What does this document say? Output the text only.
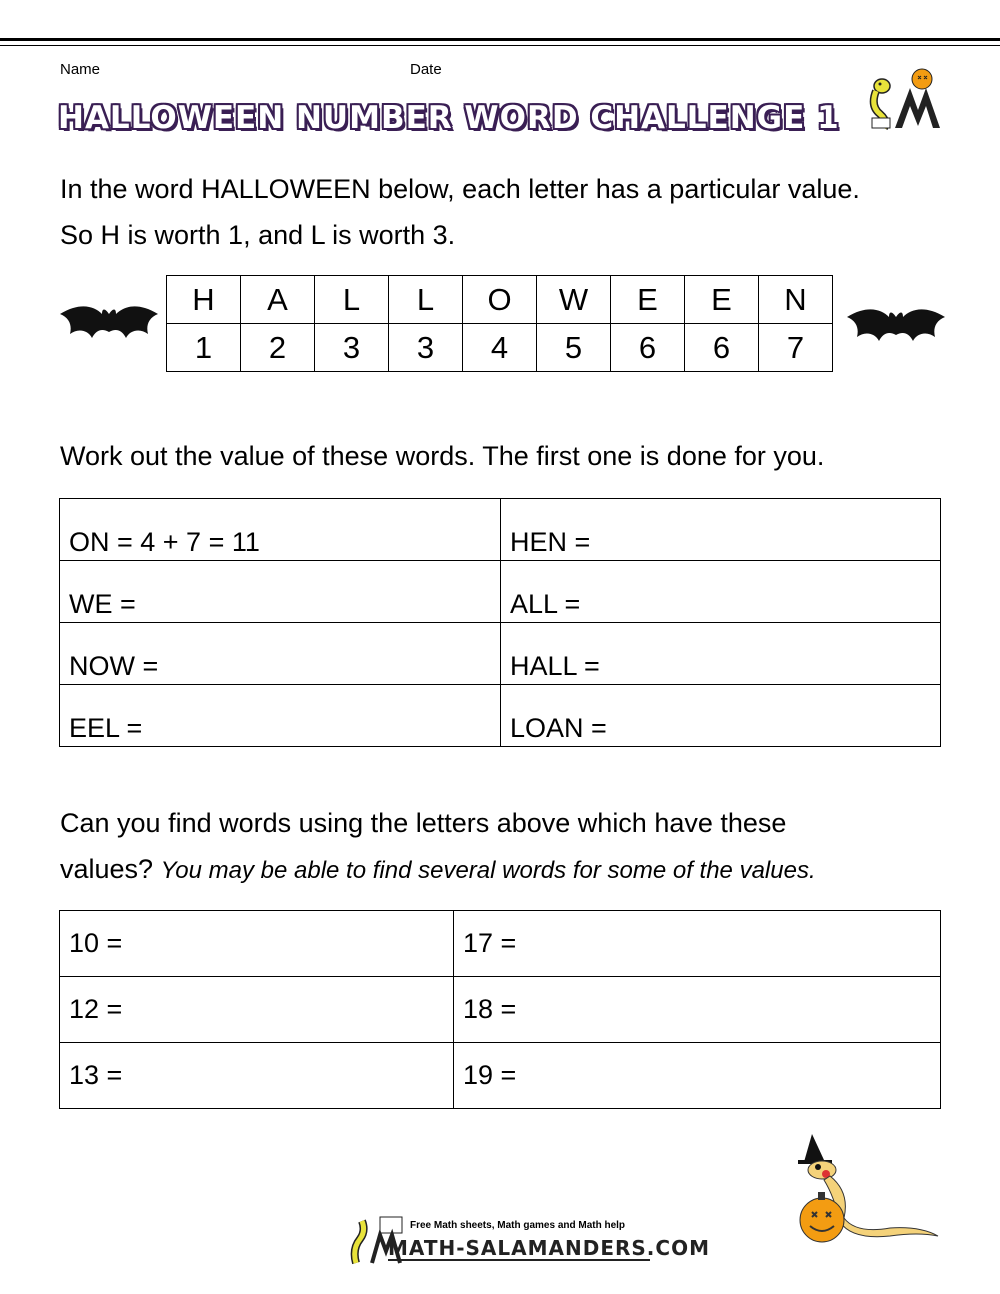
Name	Date
HALLOWEEN NUMBER WORD CHALLENGE 1

In the word HALLOWEEN below, each letter has a particular value.
So H is worth 1, and L is worth 3.

H	A	L	L	O	W	E	E	N
1	2	3	3	4	5	6	6	7

Work out the value of these words. The first one is done for you.

ON = 4 + 7 = 11	HEN =
WE =	ALL =
NOW =	HALL =
EEL =	LOAN =

Can you find words using the letters above which have these
values? You may be able to find several words for some of the values.

10 =	17 =
12 =	18 =
13 =	19 =
Free Math sheets, Math games and Math help
MATH-SALAMANDERS.COM
